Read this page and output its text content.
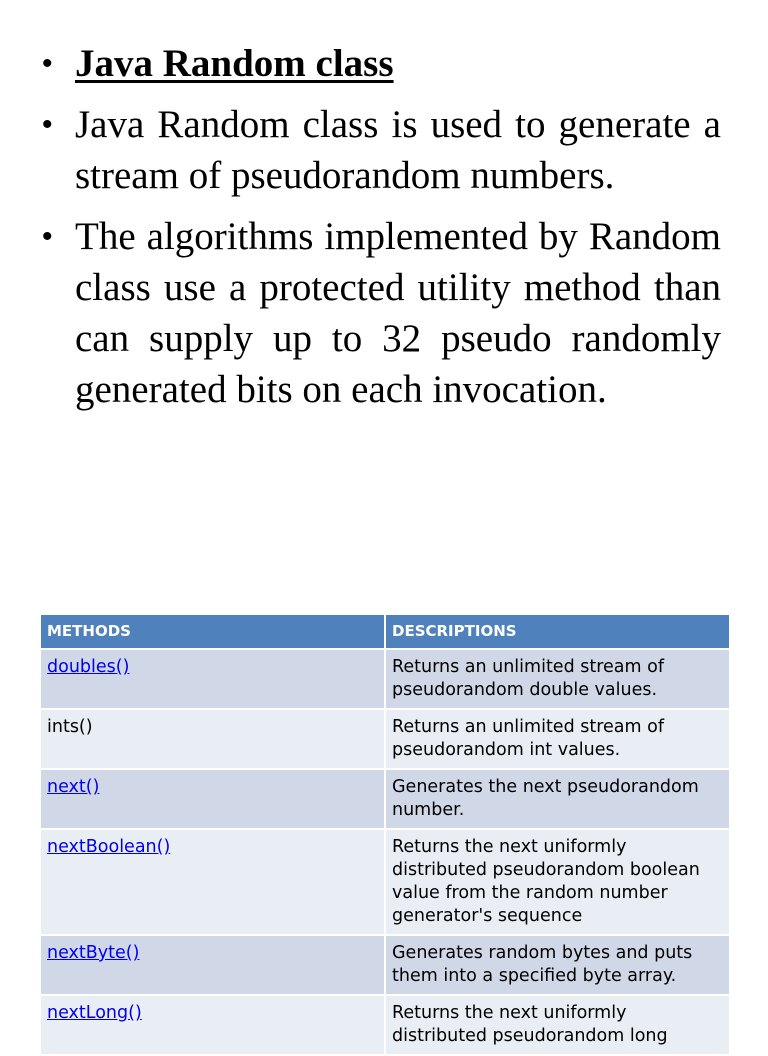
• Java Random class
• Java Random class is used to generate a stream of pseudorandom numbers.
• The algorithms implemented by Random class use a protected utility method than can supply up to 32 pseudo randomly generated bits on each invocation.
METHODS	DESCRIPTIONS
doubles()	Returns an unlimited stream of pseudorandom double values.
ints()	Returns an unlimited stream of pseudorandom int values.
next()	Generates the next pseudorandom number.
nextBoolean()	Returns the next uniformly distributed pseudorandom boolean value from the random number generator's sequence
nextByte()	Generates random bytes and puts them into a specified byte array.
nextLong()	Returns the next uniformly distributed pseudorandom long
